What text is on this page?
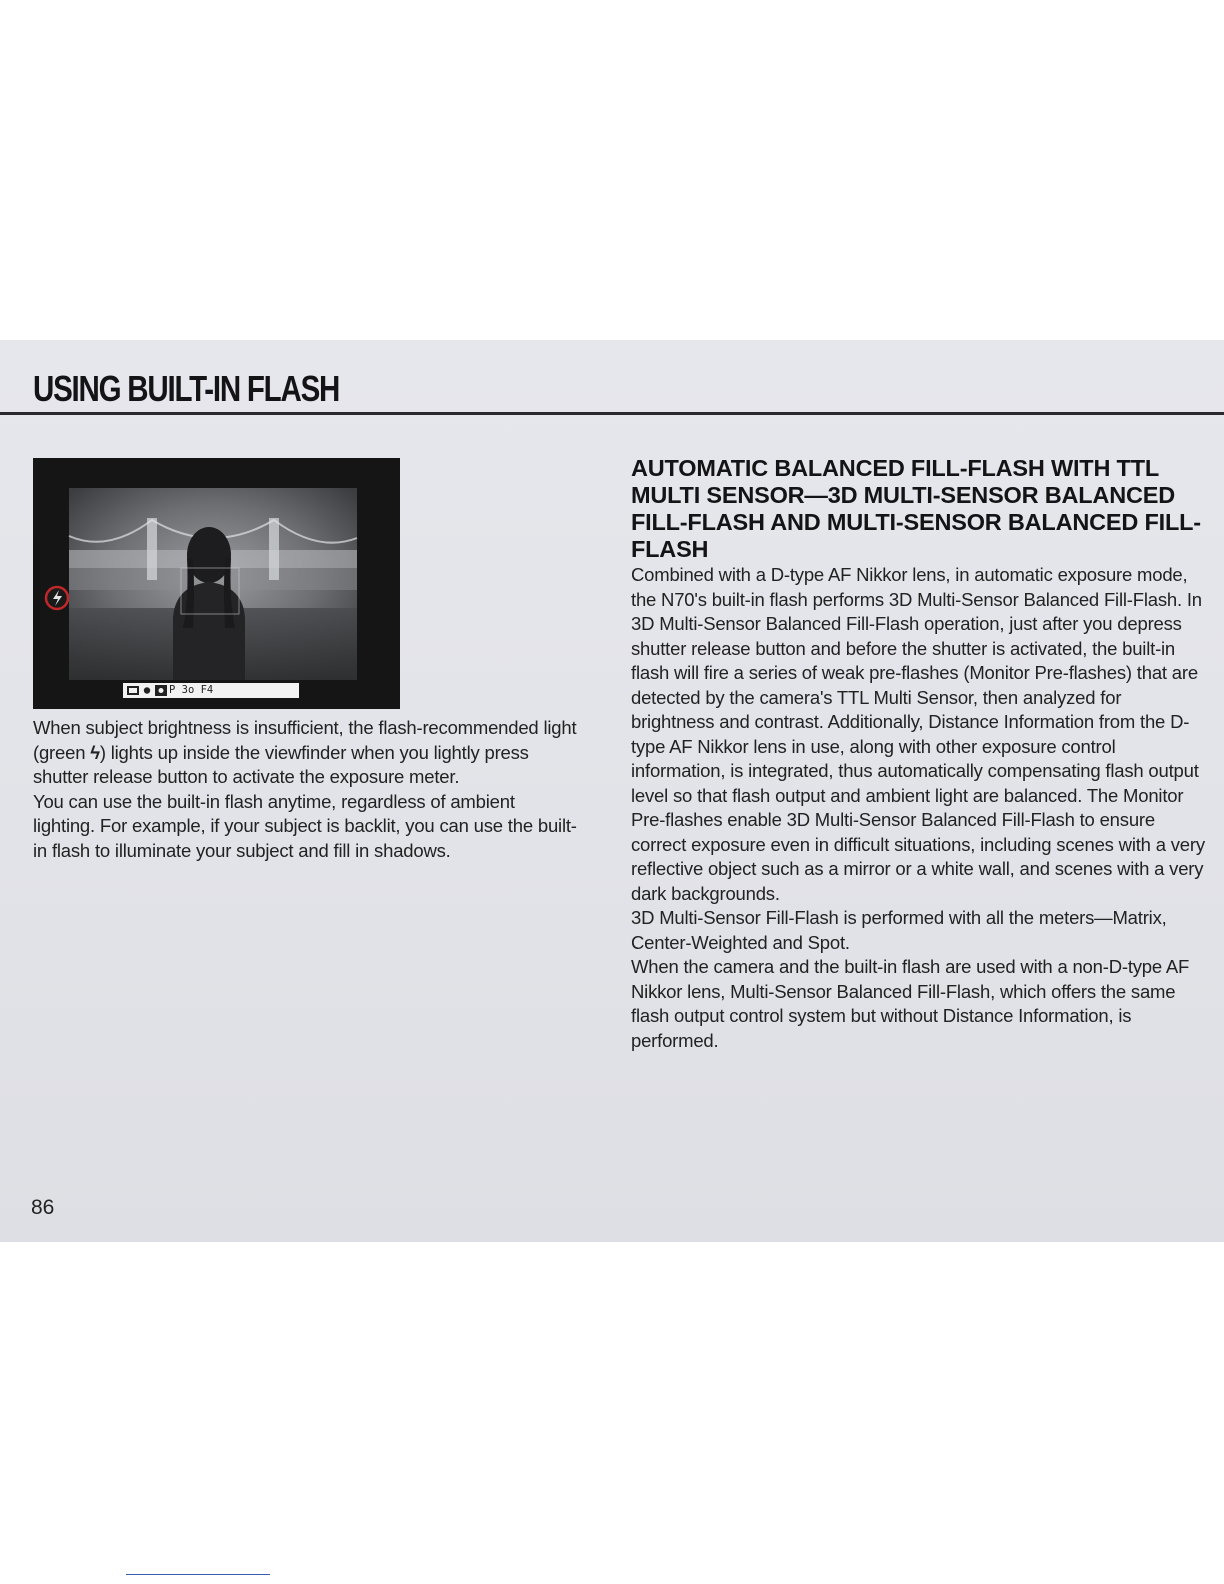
USING BUILT-IN FLASH
P 3o F4

When subject brightness is insufficient, the flash-recommended light (green ϟ) lights up inside the viewfinder when you lightly press shutter release button to activate the exposure meter.

You can use the built-in flash anytime, regardless of ambient lighting. For example, if your subject is backlit, you can use the built-in flash to illuminate your subject and fill in shadows.

AUTOMATIC BALANCED FILL-FLASH WITH TTL MULTI SENSOR—3D MULTI-SENSOR BALANCED FILL-FLASH AND MULTI-SENSOR BALANCED FILL-FLASH

Combined with a D-type AF Nikkor lens, in automatic exposure mode, the N70's built-in flash performs 3D Multi-Sensor Balanced Fill-Flash. In 3D Multi-Sensor Balanced Fill-Flash operation, just after you depress shutter release button and before the shutter is activated, the built-in flash will fire a series of weak pre-flashes (Monitor Pre-flashes) that are detected by the camera's TTL Multi Sensor, then analyzed for brightness and contrast. Additionally, Distance Information from the D-type AF Nikkor lens in use, along with other exposure control information, is integrated, thus automatically compensating flash output level so that flash output and ambient light are balanced. The Monitor Pre-flashes enable 3D Multi-Sensor Balanced Fill-Flash to ensure correct exposure even in difficult situations, including scenes with a very reflective object such as a mirror or a white wall, and scenes with a very dark backgrounds.

3D Multi-Sensor Fill-Flash is performed with all the meters—Matrix, Center-Weighted and Spot.

When the camera and the built-in flash are used with a non-D-type AF Nikkor lens, Multi-Sensor Balanced Fill-Flash, which offers the same flash output control system but without Distance Information, is performed.

86
